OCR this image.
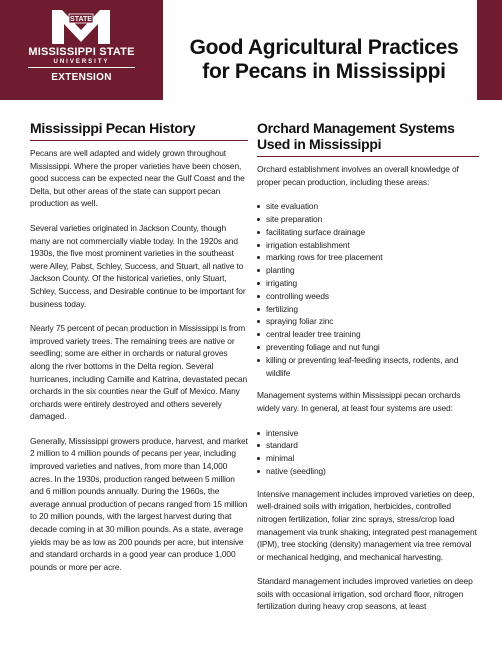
STATE
MISSISSIPPI STATE
UNIVERSITY
EXTENSION
Good Agricultural Practices
for Pecans in Mississippi
Mississippi Pecan History

Pecans are well adapted and widely grown throughout Mississippi. Where the proper varieties have been chosen, good success can be expected near the Gulf Coast and the Delta, but other areas of the state can support pecan production as well.

Several varieties originated in Jackson County, though many are not commercially viable today. In the 1920s and 1930s, the five most prominent varieties in the southeast were Alley, Pabst, Schley, Success, and Stuart, all native to Jackson County. Of the historical varieties, only Stuart, Schley, Success, and Desirable continue to be important for business today.

Nearly 75 percent of pecan production in Mississippi is from improved variety trees. The remaining trees are native or seedling; some are either in orchards or natural groves along the river bottoms in the Delta region. Several hurricanes, including Camille and Katrina, devastated pecan orchards in the six counties near the Gulf of Mexico. Many orchards were entirely destroyed and others severely damaged.

Generally, Mississippi growers produce, harvest, and market 2 million to 4 million pounds of pecans per year, including improved varieties and natives, from more than 14,000 acres. In the 1930s, production ranged between 5 million and 6 million pounds annually. During the 1960s, the average annual production of pecans ranged from 15 million to 20 million pounds, with the largest harvest during that decade coming in at 30 million pounds. As a state, average yields may be as low as 200 pounds per acre, but intensive and standard orchards in a good year can produce 1,000 pounds or more per acre.

Orchard Management Systems
Used in Mississippi

Orchard establishment involves an overall knowledge of proper pecan production, including these areas:

site evaluation
site preparation
facilitating surface drainage
irrigation establishment
marking rows for tree placement
planting
irrigating
controlling weeds
fertilizing
spraying foliar zinc
central leader tree training
preventing foliage and nut fungi
killing or preventing leaf-feeding insects, rodents, and wildlife

Management systems within Mississippi pecan orchards widely vary. In general, at least four systems are used:

intensive
standard
minimal
native (seedling)

Intensive management includes improved varieties on deep, well-drained soils with irrigation, herbicides, controlled nitrogen fertilization, foliar zinc sprays, stress/crop load management via trunk shaking, integrated pest management (IPM), tree stocking (density) management via tree removal or mechanical hedging, and mechanical harvesting.

Standard management includes improved varieties on deep soils with occasional irrigation, sod orchard floor, nitrogen fertilization during heavy crop seasons, at least
